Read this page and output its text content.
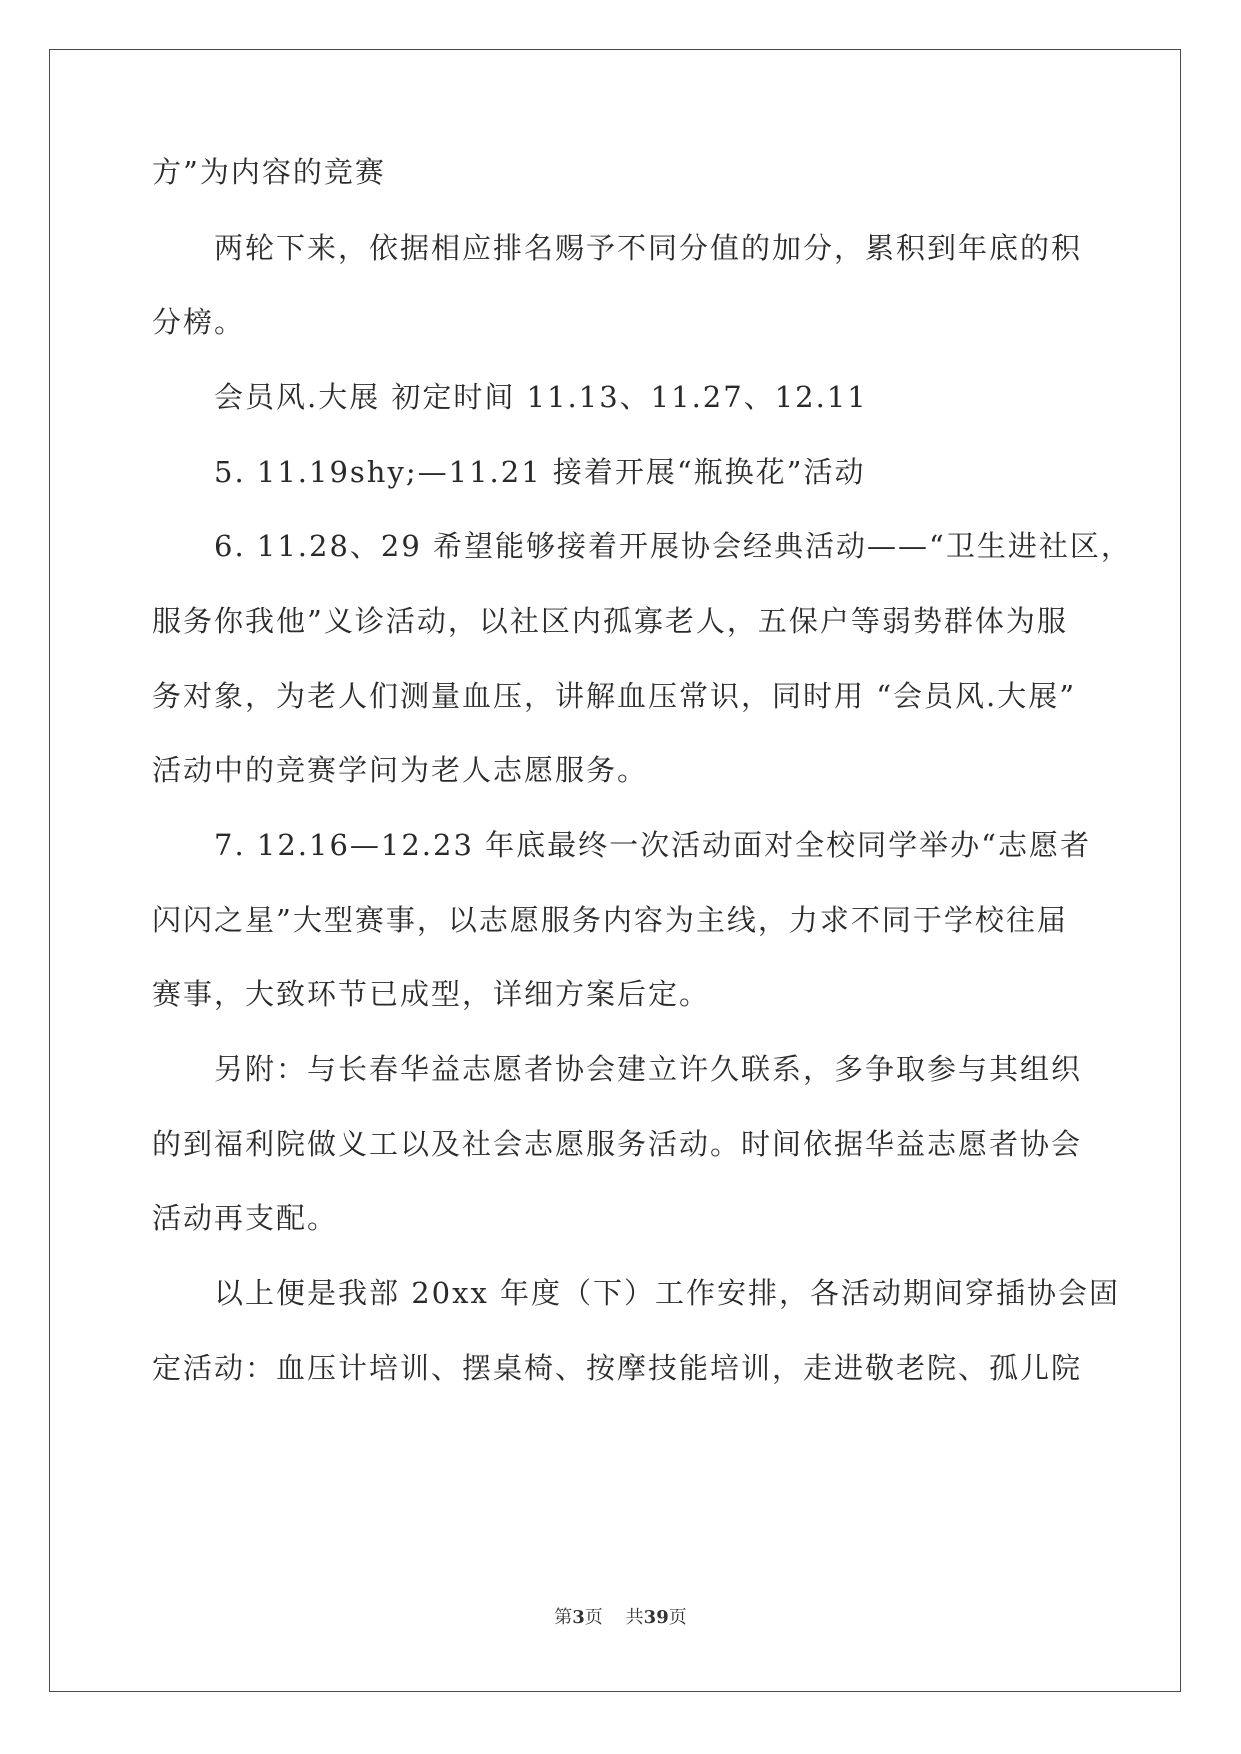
方”为内容的竞赛
两轮下来，依据相应排名赐予不同分值的加分，累积到年底的积
分榜。
会员风.大展 初定时间 11.13、11.27、12.11
5. 11.19shy;—11.21 接着开展“瓶换花”活动
6. 11.28、29 希望能够接着开展协会经典活动——“卫生进社区，
服务你我他”义诊活动，以社区内孤寡老人，五保户等弱势群体为服
务对象，为老人们测量血压，讲解血压常识，同时用 “会员风.大展”
活动中的竞赛学问为老人志愿服务。
7. 12.16—12.23 年底最终一次活动面对全校同学举办“志愿者
闪闪之星”大型赛事，以志愿服务内容为主线，力求不同于学校往届
赛事，大致环节已成型，详细方案后定。
另附：与长春华益志愿者协会建立许久联系，多争取参与其组织
的到福利院做义工以及社会志愿服务活动。时间依据华益志愿者协会
活动再支配。
以上便是我部 20xx 年度（下）工作安排，各活动期间穿插协会固
定活动：血压计培训、摆桌椅、按摩技能培训，走进敬老院、孤儿院
第3页 共39页
